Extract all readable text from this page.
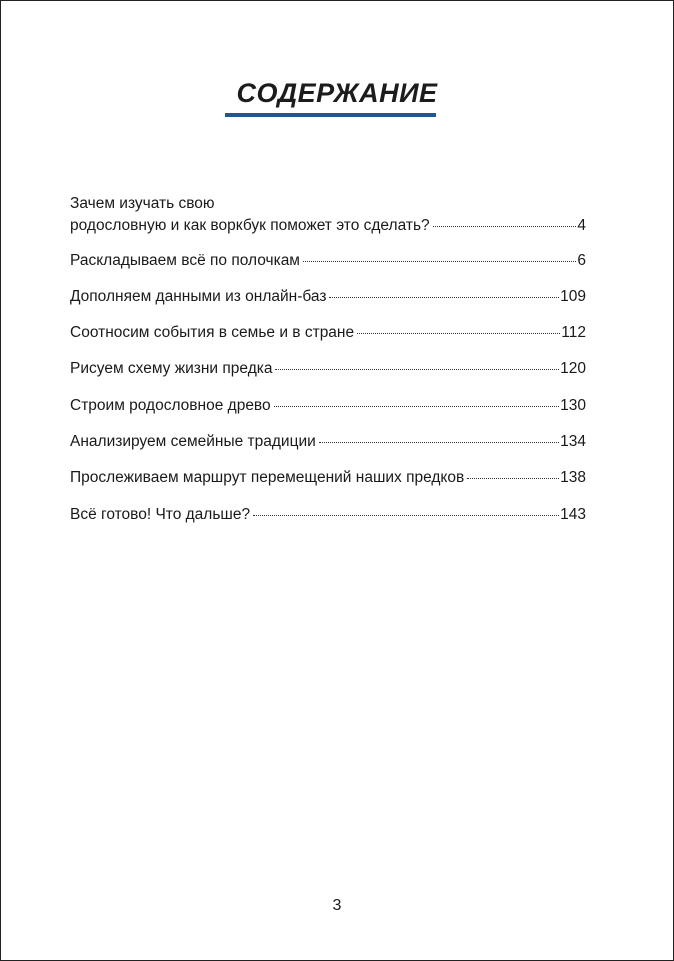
СОДЕРЖАНИЕ
Зачем изучать свою
родословную и как воркбук поможет это сделать?	4
Раскладываем всё по полочкам	6
Дополняем данными из онлайн-баз	109
Соотносим события в семье и в стране	112
Рисуем схему жизни предка	120
Строим родословное древо	130
Анализируем семейные традиции	134
Прослеживаем маршрут перемещений наших предков	138
Всё готово! Что дальше?	143
3
